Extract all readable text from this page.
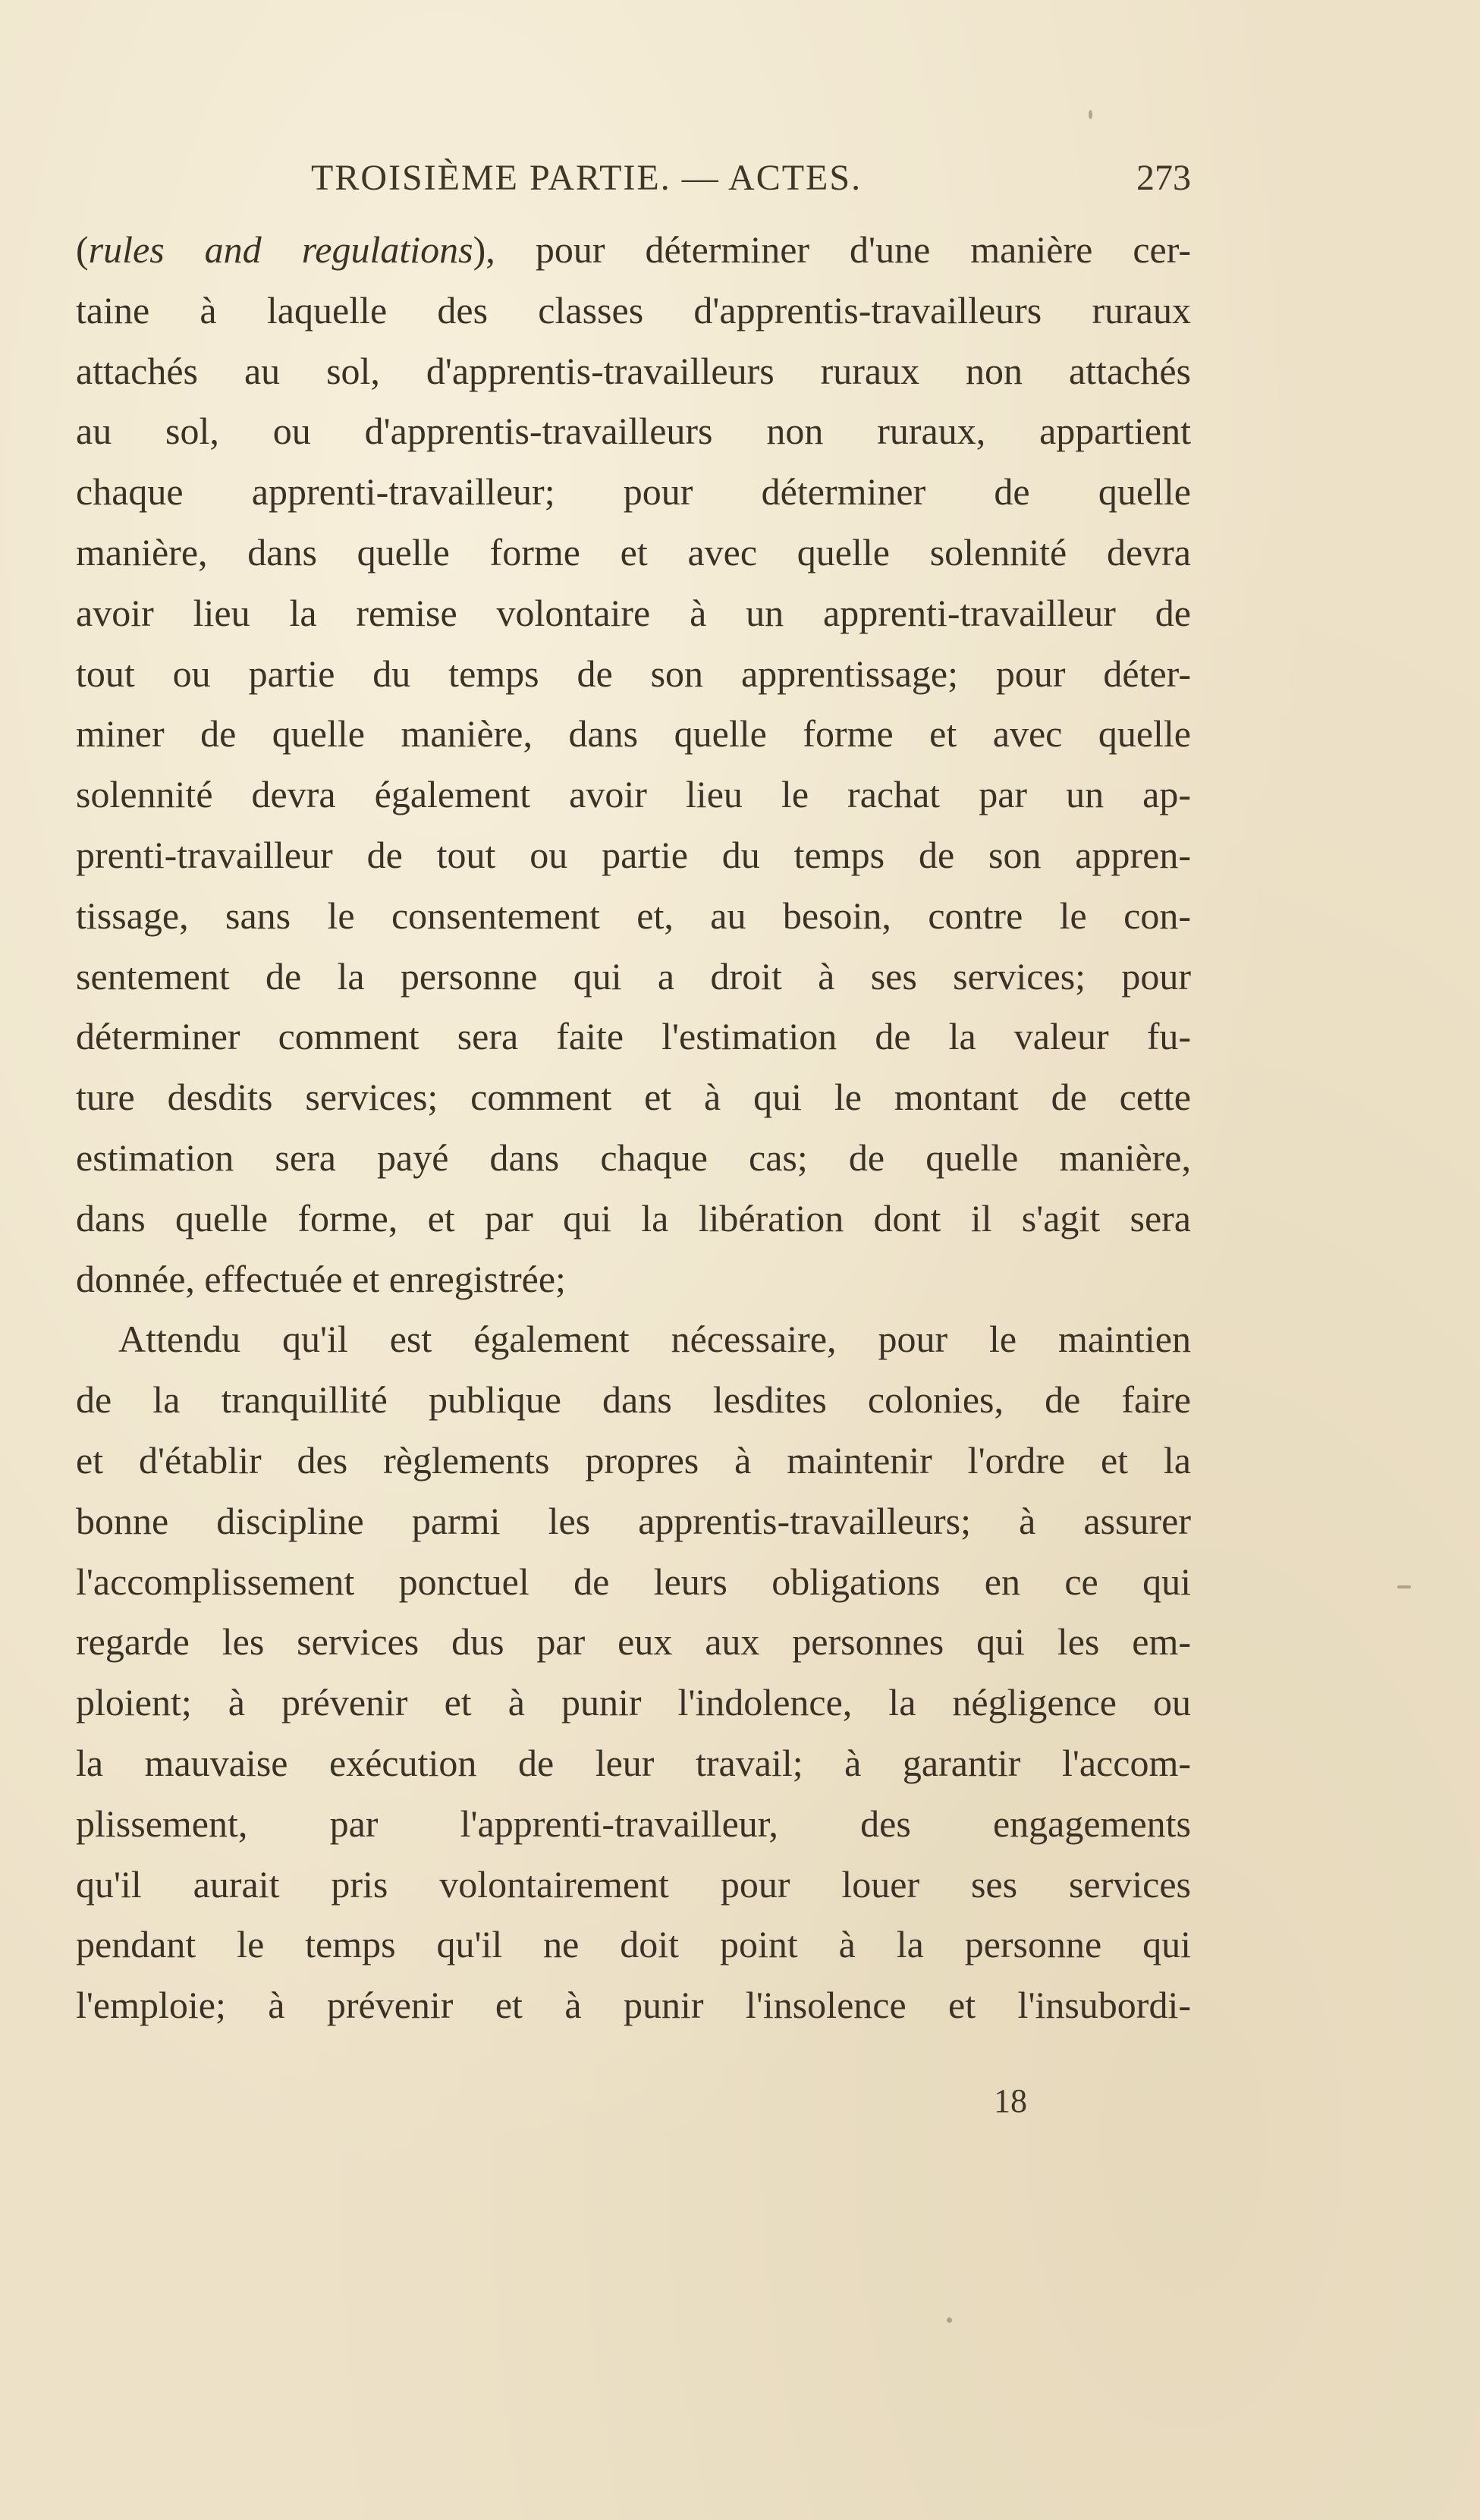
TROISIÈME PARTIE. — ACTES.	273
(rules and regulations), pour déterminer d'une manière cer-
taine à laquelle des classes d'apprentis-travailleurs ruraux
attachés au sol, d'apprentis-travailleurs ruraux non attachés
au sol, ou d'apprentis-travailleurs non ruraux, appartient
chaque apprenti-travailleur; pour déterminer de quelle
manière, dans quelle forme et avec quelle solennité devra
avoir lieu la remise volontaire à un apprenti-travailleur de
tout ou partie du temps de son apprentissage; pour déter-
miner de quelle manière, dans quelle forme et avec quelle
solennité devra également avoir lieu le rachat par un ap-
prenti-travailleur de tout ou partie du temps de son appren-
tissage, sans le consentement et, au besoin, contre le con-
sentement de la personne qui a droit à ses services; pour
déterminer comment sera faite l'estimation de la valeur fu-
ture desdits services; comment et à qui le montant de cette
estimation sera payé dans chaque cas; de quelle manière,
dans quelle forme, et par qui la libération dont il s'agit sera
donnée, effectuée et enregistrée;
Attendu qu'il est également nécessaire, pour le maintien
de la tranquillité publique dans lesdites colonies, de faire
et d'établir des règlements propres à maintenir l'ordre et la
bonne discipline parmi les apprentis-travailleurs; à assurer
l'accomplissement ponctuel de leurs obligations en ce qui
regarde les services dus par eux aux personnes qui les em-
ploient; à prévenir et à punir l'indolence, la négligence ou
la mauvaise exécution de leur travail; à garantir l'accom-
plissement, par l'apprenti-travailleur, des engagements
qu'il aurait pris volontairement pour louer ses services
pendant le temps qu'il ne doit point à la personne qui
l'emploie; à prévenir et à punir l'insolence et l'insubordi-
18
